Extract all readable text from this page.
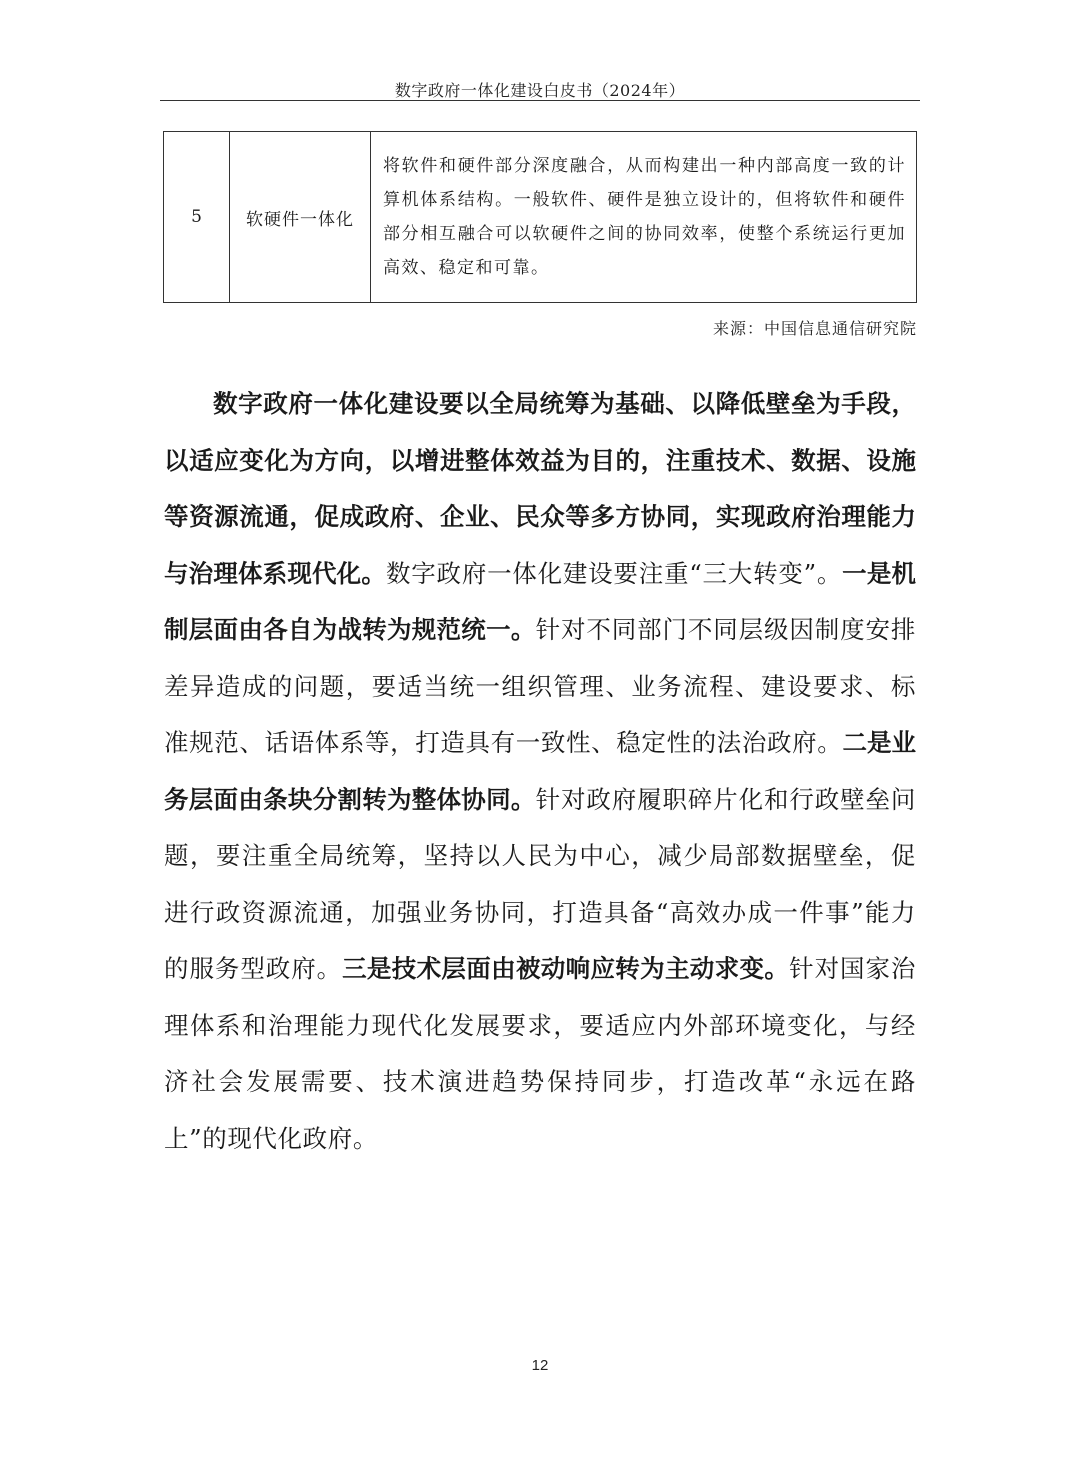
数字政府一体化建设白皮书（2024年）
5	软硬件一体化	将软件和硬件部分深度融合，从而构建出一种内部高度一致的计算机体系结构。一般软件、硬件是独立设计的，但将软件和硬件部分相互融合可以软硬件之间的协同效率，使整个系统运行更加高效、稳定和可靠。
来源：中国信息通信研究院

数字政府一体化建设要以全局统筹为基础、以降低壁垒为手段，以适应变化为方向，以增进整体效益为目的，注重技术、数据、设施等资源流通，促成政府、企业、民众等多方协同，实现政府治理能力与治理体系现代化。数字政府一体化建设要注重“三大转变”。一是机制层面由各自为战转为规范统一。针对不同部门不同层级因制度安排差异造成的问题，要适当统一组织管理、业务流程、建设要求、标准规范、话语体系等，打造具有一致性、稳定性的法治政府。二是业务层面由条块分割转为整体协同。针对政府履职碎片化和行政壁垒问题，要注重全局统筹，坚持以人民为中心，减少局部数据壁垒，促进行政资源流通，加强业务协同，打造具备“高效办成一件事”能力的服务型政府。三是技术层面由被动响应转为主动求变。针对国家治理体系和治理能力现代化发展要求，要适应内外部环境变化，与经济社会发展需要、技术演进趋势保持同步，打造改革“永远在路上”的现代化政府。

12
